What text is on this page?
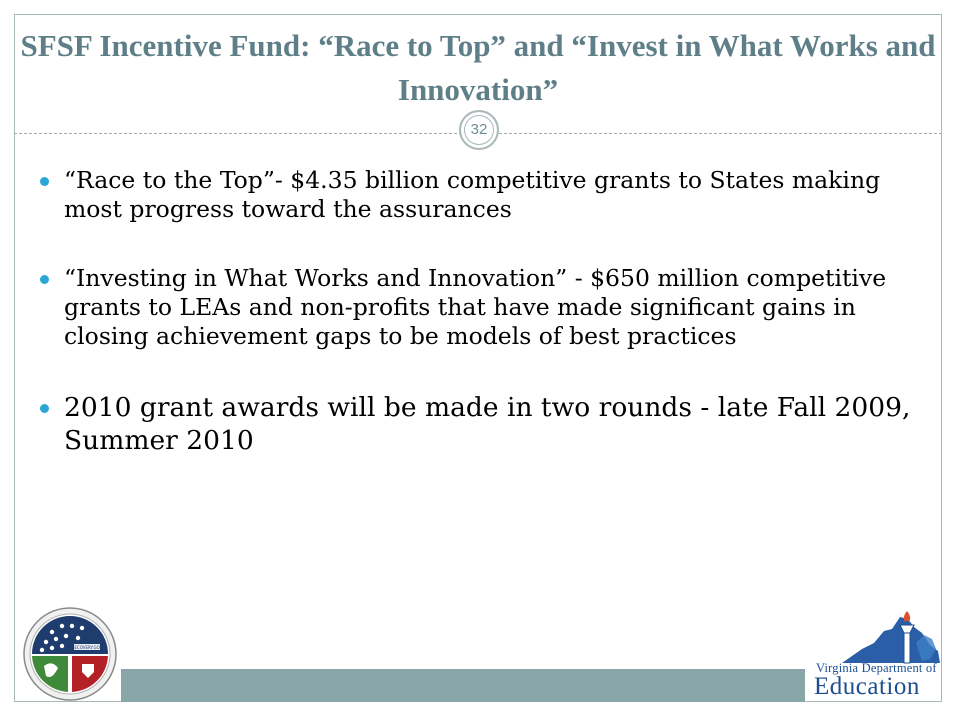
SFSF Incentive Fund: “Race to Top” and “Invest in What Works and Innovation”
32
“Race to the Top”- $4.35 billion competitive grants to States making most progress toward the assurances
“Investing in What Works and Innovation” - $650 million competitive grants to LEAs and non-profits that have made significant gains in closing achievement gaps to be models of best practices
2010 grant awards will be made in two rounds - late Fall 2009, Summer 2010
RECOVERY.GOV
Virginia Department of
Education
